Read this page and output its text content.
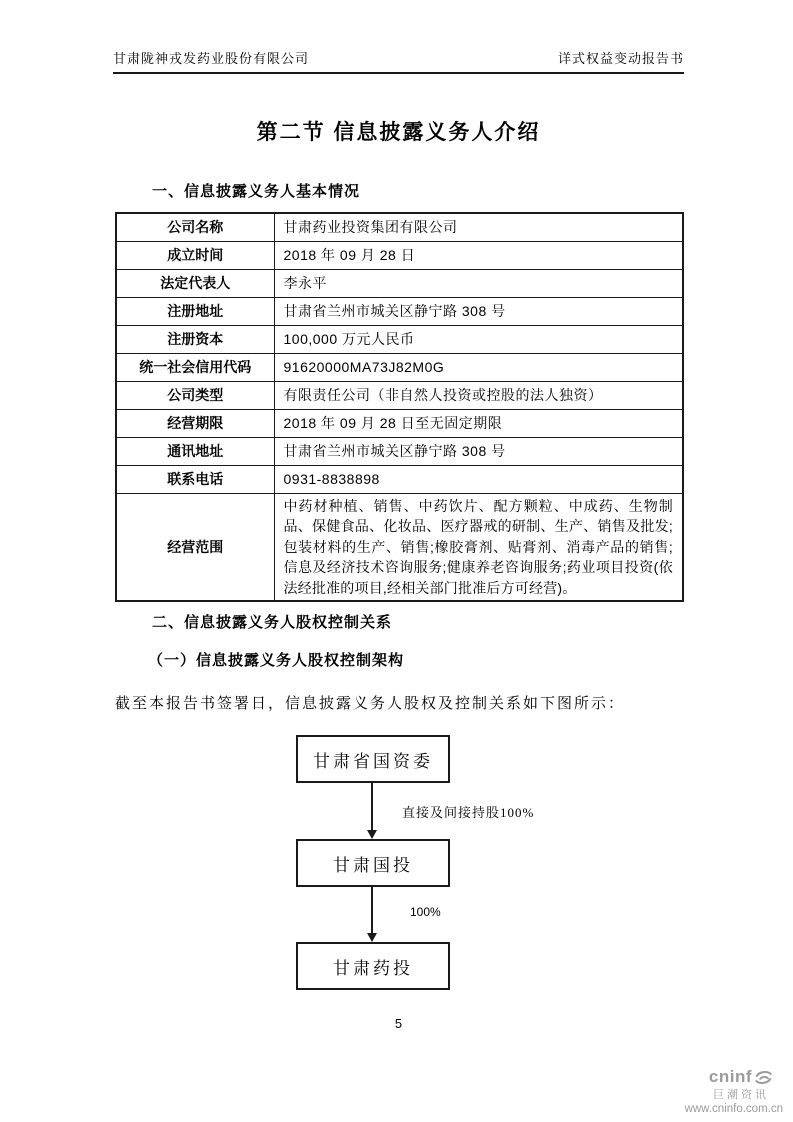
甘肃陇神戎发药业股份有限公司	详式权益变动报告书
第二节 信息披露义务人介绍
一、信息披露义务人基本情况
公司名称	甘肃药业投资集团有限公司
成立时间	2018 年 09 月 28 日
法定代表人	李永平
注册地址	甘肃省兰州市城关区静宁路 308 号
注册资本	100,000 万元人民币
统一社会信用代码	91620000MA73J82M0G
公司类型	有限责任公司（非自然人投资或控股的法人独资）
经营期限	2018 年 09 月 28 日至无固定期限
通讯地址	甘肃省兰州市城关区静宁路 308 号
联系电话	0931-8838898
经营范围	中药材种植、销售、中药饮片、配方颗粒、中成药、生物制品、保健食品、化妆品、医疗器戒的研制、生产、销售及批发;包装材料的生产、销售;橡胶膏剂、贴膏剂、消毒产品的销售;信息及经济技术咨询服务;健康养老咨询服务;药业项目投资(依法经批准的项目,经相关部门批准后方可经营)。
二、信息披露义务人股权控制关系
（一）信息披露义务人股权控制架构
截至本报告书签署日，信息披露义务人股权及控制关系如下图所示：
甘肃省国资委
直接及间接持股100%
甘肃国投
100%
甘肃药投
5
cninf
巨潮资讯
www.cninfo.com.cn
